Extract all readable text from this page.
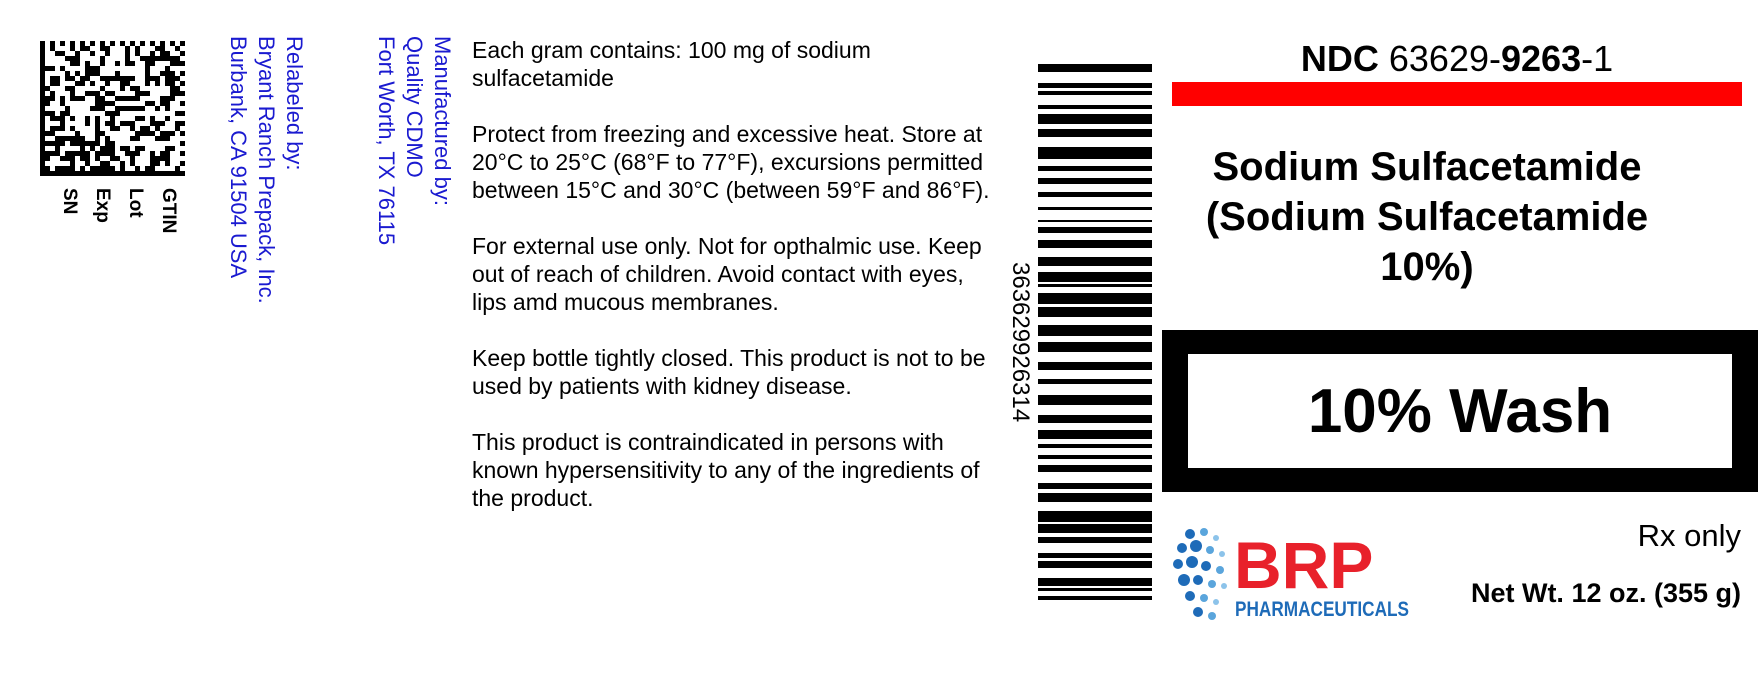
GTIN
Lot
Exp
SN
Relabeled by:
Bryant Ranch Prepack, Inc.
Burbank, CA 91504 USA	Manufactured by:
Quality CDMO
Fort Worth, TX 76115	Each gram contains: 100 mg of sodium sulfacetamide

Protect from freezing and excessive heat. Store at 20°C to 25°C (68°F to 77°F), excursions permitted between 15°C and 30°C (between 59°F and 86°F).

For external use only. Not for opthalmic use. Keep out of reach of children. Avoid contact with eyes, lips amd mucous membranes.

Keep bottle tightly closed. This product is not to be used by patients with kidney disease.

This product is contraindicated in persons with known hypersensitivity to any of the ingredients of the product.

363629926314
NDC 63629-9263-1
Sodium Sulfacetamide
(Sodium Sulfacetamide
10%)
10% Wash
BRP
PHARMACEUTICALS
Rx only
Net Wt. 12 oz. (355 g)
